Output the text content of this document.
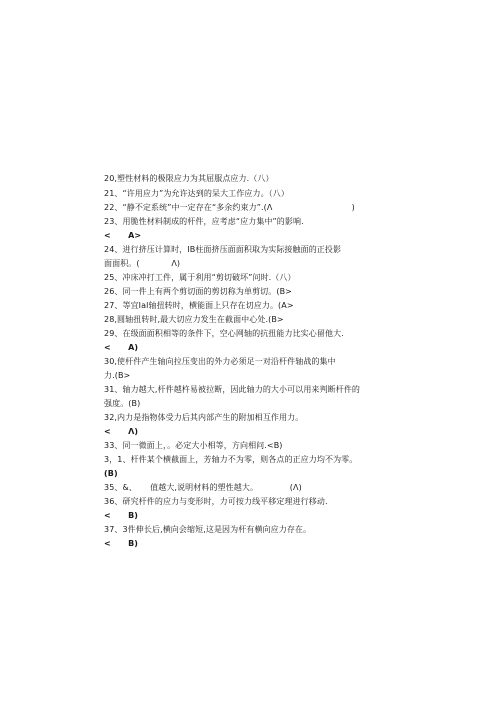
20,塑性材料的极限应力为其屈服点应力.（八）
21、“许用应力”为允许达到的呆大工作应力。（八）
22、“静不定系统”中一定存在“多余约束力”.(Λ                              )
23、用脆性材料制成的杆件，应考虑“应力集中”的影响.
<      A>
24、进行挤压计算时，IB柱面挤压面面积取为实际接触面的正投影
面面积。(            Λ)
25、冲床冲打工件，属于利用“剪切破坏”问时.（八）
26、同一件上有两个剪切面的剪切称为单剪切。(B>
27、等宜Ial轴扭转时，横能面上只存在切应力。(A>
28,圆轴扭转时,最大切应力发生在截面中心处.(B>
29、在级面面积相等的条件下，空心网轴的抗扭能力比实心留他大.
<      A)
30,使杆件产生轴向拉压变出的外力必须足一对沿杆件轴战的集中
力.(B>
31、轴力越大,杆件越杵易被拉断，因此轴力的大小可以用来判断杆件的
强度。(B)
32,内力是指物体受力后其内部产生的附加相互作用力。
<      Λ)
33、同一微面上，。必定大小相等，方向相问.<B)
3，1、杆件某个横截面上，芳轴力不为零，则各点的正应力均不为零。
(B)
35、&、     值越大,说明材料的塑性越大。            (Λ)
36、研究杆件的应力与变形时，力可按力线平移定理进行移动.
<      B)
37、3件伸长后,横向会缩短,这是因为杆有横向应力存在。
<      B)
